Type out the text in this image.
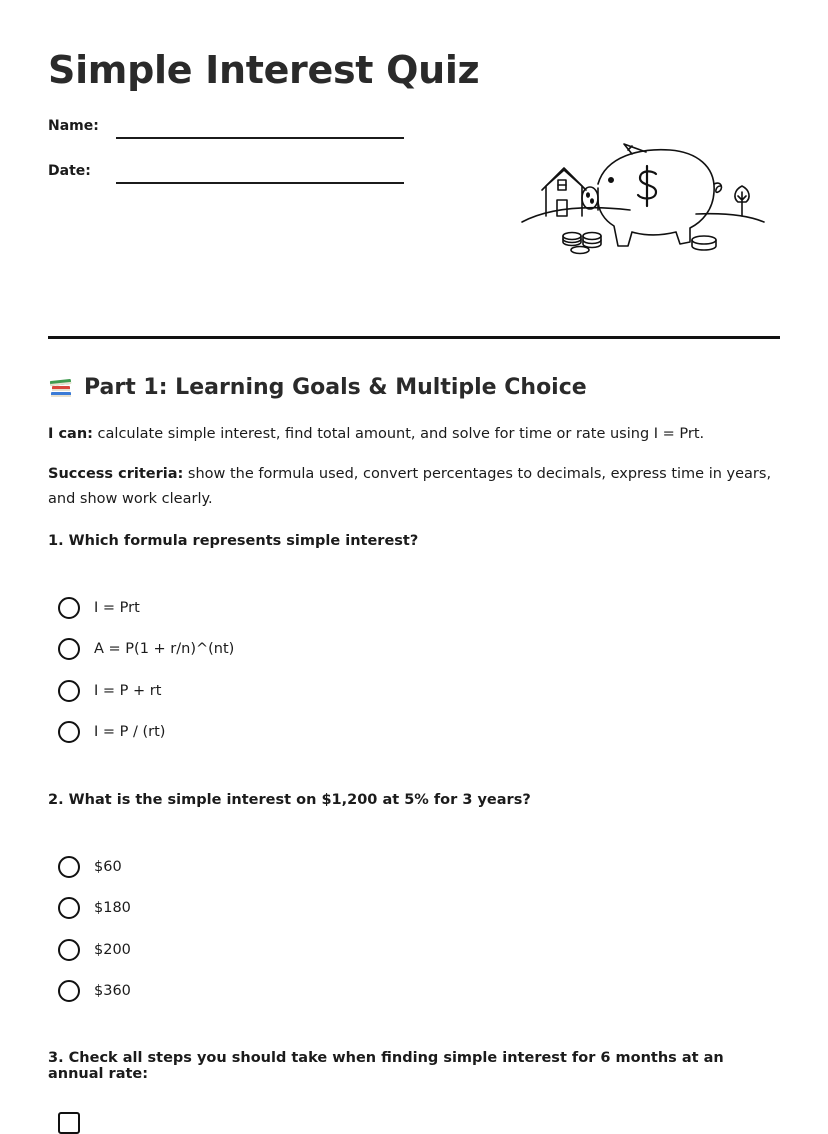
Simple Interest Quiz
Name:
Date:
Part 1: Learning Goals & Multiple Choice

I can: calculate simple interest, find total amount, and solve for time or rate using I = Prt.

Success criteria: show the formula used, convert percentages to decimals, express time in years, and show work clearly.

1. Which formula represents simple interest?

I = Prt
A = P(1 + r/n)^(nt)
I = P + rt
I = P / (rt)

2. What is the simple interest on $1,200 at 5% for 3 years?

$60
$180
$200
$360

3. Check all steps you should take when finding simple interest for 6 months at an annual rate:
